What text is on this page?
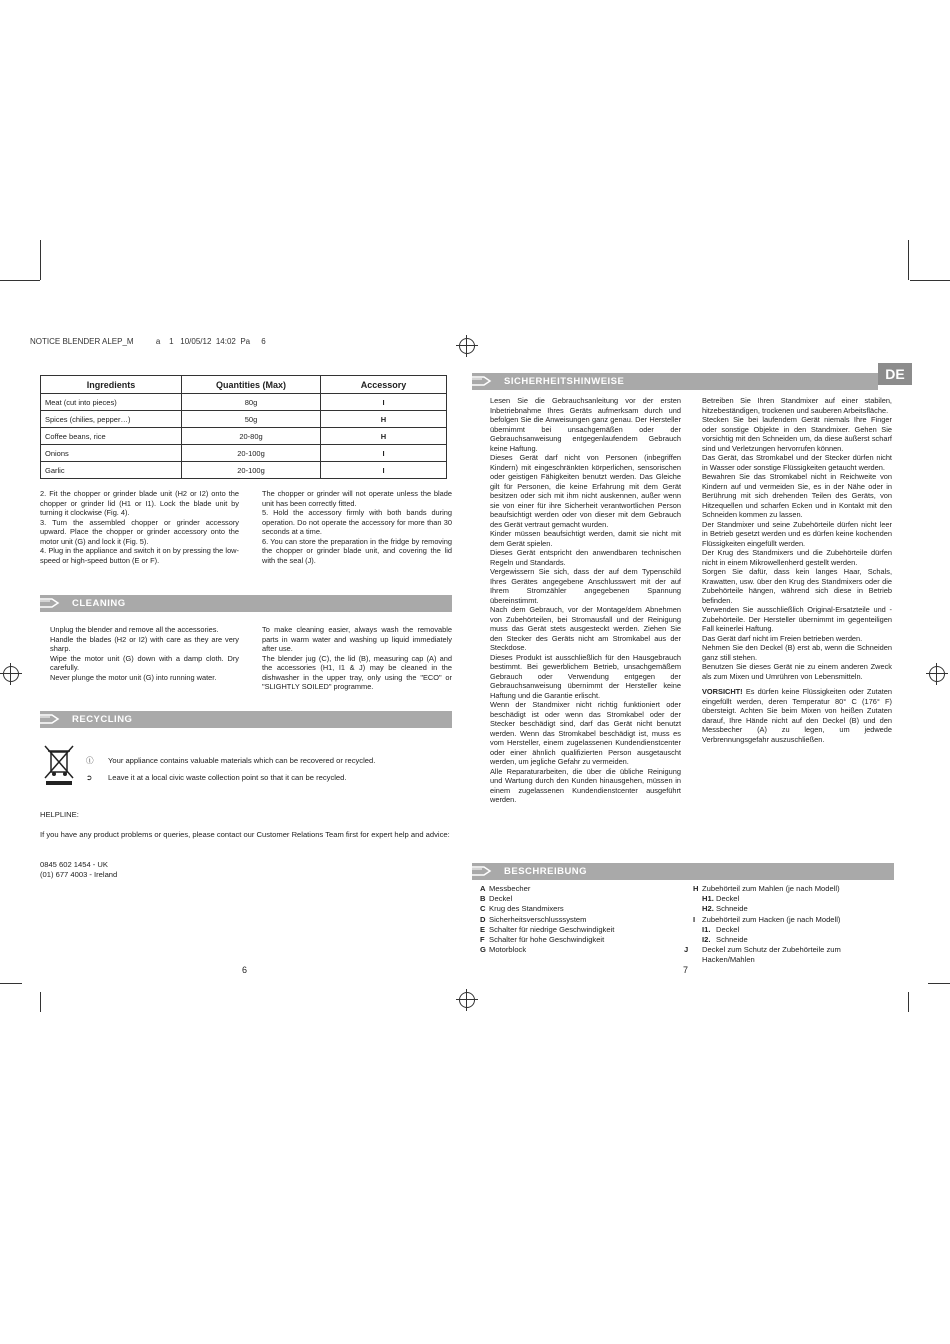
NOTICE BLENDER ALEP_M          a    1   10/05/12  14:02  Pa     6
DE
Ingredients	Quantities (Max)	Accessory
Meat (cut into pieces)	80g	I
Spices (chilies, pepper…)	50g	H
Coffee beans, rice	20-80g	H
Onions	20-100g	I
Garlic	20-100g	I

2. Fit the chopper or grinder blade unit (H2 or I2) onto the chopper or grinder lid (H1 or I1). Lock the blade unit by turning it clockwise (Fig. 4).

3. Turn the assembled chopper or grinder accessory upward. Place the chopper or grinder accessory onto the motor unit (G) and lock it (Fig. 5).

4. Plug in the appliance and switch it on by pressing the low-speed or high-speed button (E or F).

The chopper or grinder will not operate unless the blade unit has been correctly fitted.

5. Hold the accessory firmly with both bands during operation. Do not operate the accessory for more than 30 seconds at a time.

6. You can store the preparation in the fridge by removing the chopper or grinder blade unit, and covering the lid with the seal (J).

CLEANING

Unplug the blender and remove all the accessories.

Handle the blades (H2 or I2) with care as they are very sharp.

Wipe the motor unit (G) down with a damp cloth. Dry carefully.

Never plunge the motor unit (G) into running water.

To make cleaning easier, always wash the removable parts in warm water and washing up liquid immediately after use.

The blender jug (C), the lid (B), measuring cap (A) and the accessories (H1, I1 & J) may be cleaned in the dishwasher in the upper tray, only using the "ECO" or "SLIGHTLY SOILED" programme.

RECYCLING
ⓘ Your appliance contains valuable materials which can be recovered or recycled.
➲ Leave it at a local civic waste collection point so that it can be recycled.
HELPLINE:
If you have any product problems or queries, please contact our Customer Relations Team first for expert help and advice:
0845 602 1454 - UK
(01) 677 4003 - Ireland
6	7
SICHERHEITSHINWEISE

Lesen Sie die Gebrauchsanleitung vor der ersten Inbetriebnahme Ihres Geräts aufmerksam durch und befolgen Sie die Anweisungen ganz genau. Der Hersteller übernimmt bei unsachgemäßen oder der Gebrauchsanweisung entgegenlaufendem Gebrauch keine Haftung.

Dieses Gerät darf nicht von Personen (inbegriffen Kindern) mit eingeschränkten körperlichen, sensorischen oder geistigen Fähigkeiten benutzt werden. Das Gleiche gilt für Personen, die keine Erfahrung mit dem Gerät besitzen oder sich mit ihm nicht auskennen, außer wenn sie von einer für ihre Sicherheit verantwortlichen Person beaufsichtigt werden oder von dieser mit dem Gebrauch des Gerät vertraut gemacht wurden.

Kinder müssen beaufsichtigt werden, damit sie nicht mit dem Gerät spielen.

Dieses Gerät entspricht den anwendbaren technischen Regeln und Standards.

Vergewissern Sie sich, dass der auf dem Typenschild Ihres Gerätes angegebene Anschlusswert mit der auf Ihrem Stromzähler angegebenen Spannung übereinstimmt.

Nach dem Gebrauch, vor der Montage/dem Abnehmen von Zubehörteilen, bei Stromausfall und der Reinigung muss das Gerät stets ausgesteckt werden. Ziehen Sie den Stecker des Geräts nicht am Stromkabel aus der Steckdose.

Dieses Produkt ist ausschließlich für den Hausgebrauch bestimmt. Bei gewerblichem Betrieb, unsachgemäßem Gebrauch oder Verwendung entgegen der Gebrauchsanweisung übernimmt der Hersteller keine Haftung und die Garantie erlischt.

Wenn der Standmixer nicht richtig funktioniert oder beschädigt ist oder wenn das Stromkabel oder der Stecker beschädigt sind, darf das Gerät nicht benutzt werden. Wenn das Stromkabel beschädigt ist, muss es vom Hersteller, einem zugelassenen Kundendienstcenter oder einer ähnlich qualifizierten Person ausgetauscht werden, um jegliche Gefahr zu vermeiden.

Alle Reparaturarbeiten, die über die übliche Reinigung und Wartung durch den Kunden hinausgehen, müssen in einem zugelassenen Kundendienstcenter ausgeführt werden.

Betreiben Sie Ihren Standmixer auf einer stabilen, hitzebeständigen, trockenen und sauberen Arbeitsfläche.

Stecken Sie bei laufendem Gerät niemals Ihre Finger oder sonstige Objekte in den Standmixer. Gehen Sie vorsichtig mit den Schneiden um, da diese äußerst scharf sind und Verletzungen hervorrufen können.

Das Gerät, das Stromkabel und der Stecker dürfen nicht in Wasser oder sonstige Flüssigkeiten getaucht werden.

Bewahren Sie das Stromkabel nicht in Reichweite von Kindern auf und vermeiden Sie, es in der Nähe oder in Berührung mit sich drehenden Teilen des Geräts, von Hitzequellen und scharfen Ecken und in Kontakt mit den Schneiden kommen zu lassen.

Der Standmixer und seine Zubehörteile dürfen nicht leer in Betrieb gesetzt werden und es dürfen keine kochenden Flüssigkeiten eingefüllt werden.

Der Krug des Standmixers und die Zubehörteile dürfen nicht in einem Mikrowellenherd gestellt werden.

Sorgen Sie dafür, dass kein langes Haar, Schals, Krawatten, usw. über den Krug des Standmixers oder die Zubehörteile hängen, während sich diese in Betrieb befinden.

Verwenden Sie ausschließlich Original-Ersatzteile und -Zubehörteile. Der Hersteller übernimmt im gegenteiligen Fall keinerlei Haftung.

Das Gerät darf nicht im Freien betrieben werden.

Nehmen Sie den Deckel (B) erst ab, wenn die Schneiden ganz still stehen.

Benutzen Sie dieses Gerät nie zu einem anderen Zweck als zum Mixen und Umrühren von Lebensmitteln.

VORSICHT! Es dürfen keine Flüssigkeiten oder Zutaten eingefüllt werden, deren Temperatur 80° C (176° F) übersteigt. Achten Sie beim Mixen von heißen Zutaten darauf, Ihre Hände nicht auf den Deckel (B) und den Messbecher (A) zu legen, um jedwede Verbrennungsgefahr auszuschließen.

BESCHREIBUNG
A Messbecher
B Deckel
C Krug des Standmixers
D Sicherheitsverschlusssystem
E Schalter für niedrige Geschwindigkeit
F Schalter für hohe Geschwindigkeit
G Motorblock
H Zubehörteil zum Mahlen (je nach Modell)
H1. Deckel
H2. Schneide
I Zubehörteil zum Hacken (je nach Modell)
I1. Deckel
I2. Schneide
J Deckel zum Schutz der Zubehörteile zum Hacken/Mahlen
